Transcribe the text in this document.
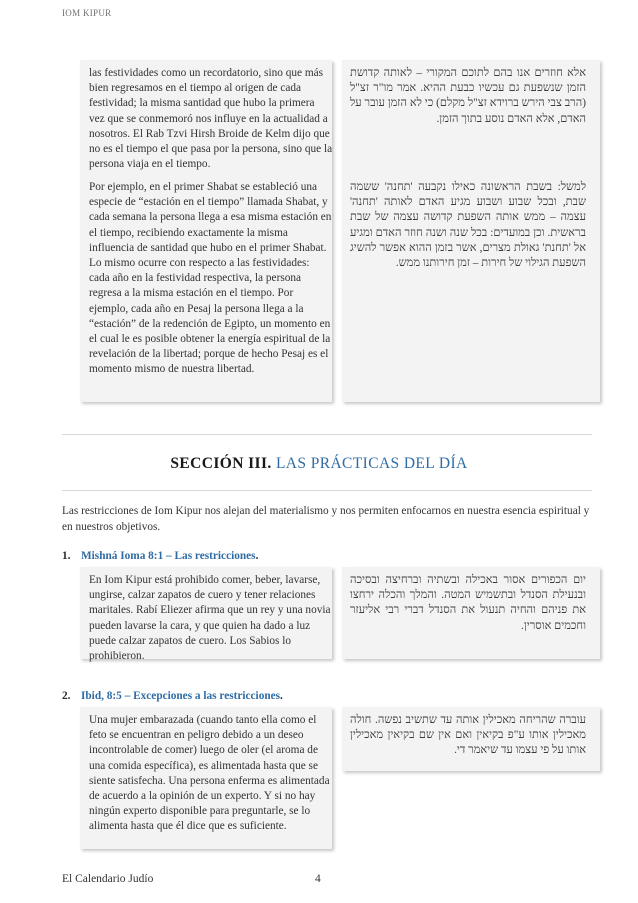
IOM KIPUR
las festividades como un recordatorio, sino que más bien regresamos en el tiempo al origen de cada festividad; la misma santidad que hubo la primera vez que se conmemoró nos influye en la actualidad a nosotros. El Rab Tzvi Hirsh Broide de Kelm dijo que no es el tiempo el que pasa por la persona, sino que la persona viaja en el tiempo.
Por ejemplo, en el primer Shabat se estableció una especie de “estación en el tiempo” llamada Shabat, y cada semana la persona llega a esa misma estación en el tiempo, recibiendo exactamente la misma influencia de santidad que hubo en el primer Shabat. Lo mismo ocurre con respecto a las festividades: cada año en la festividad respectiva, la persona regresa a la misma estación en el tiempo. Por ejemplo, cada año en Pesaj la persona llega a la “estación” de la redención de Egipto, un momento en el cual le es posible obtener la energía espiritual de la revelación de la libertad; porque de hecho Pesaj es el momento mismo de nuestra libertad.
אלא חוזרים אנו בהם לתוכם המקורי – לאותה קדושת הזמן שנשפעת גם עכשיו כבעת ההיא. אמר מו"ר זצ"ל (הרב צבי הירש ברוידא זצ"ל מקלם) כי לא הזמן עובר על האדם, אלא האדם נוסע בתוך הזמן.
למשל: בשבת הראשונה כאילו נקבעה 'תחנה' ששמה שבת, ובכל שבוע ושבוע מגיע האדם לאותה 'תחנה' עצמה – ממש אותה השפעת קדושה עצמה של שבת בראשית. וכן במועדים: בכל שנה ושנה חוזר האדם ומגיע אל 'תחנת' גאולת מצרים, אשר בזמן ההוא אפשר להשיג השפעת הגילוי של חירות – זמן חירותנו ממש.
SECCIÓN III. LAS PRÁCTICAS DEL DÍA
Las restricciones de Iom Kipur nos alejan del materialismo y nos permiten enfocarnos en nuestra esencia espiritual y en nuestros objetivos.
1. Mishná Ioma 8:1 – Las restricciones.
En Iom Kipur está prohibido comer, beber, lavarse, ungirse, calzar zapatos de cuero y tener relaciones maritales. Rabí Eliezer afirma que un rey y una novia pueden lavarse la cara, y que quien ha dado a luz puede calzar zapatos de cuero. Los Sabios lo prohibieron.
יום הכפורים אסור באכילה ובשתיה וברחיצה ובסיכה ובנעילת הסנדל ובתשמיש המטה. והמלך והכלה ירחצו את פניהם והחיה תנעול את הסנדל דברי רבי אליעזר וחכמים אוסרין.
2. Ibid, 8:5 – Excepciones a las restricciones.
Una mujer embarazada (cuando tanto ella como el feto se encuentran en peligro debido a un deseo incontrolable de comer) luego de oler (el aroma de una comida específica), es alimentada hasta que se siente satisfecha. Una persona enferma es alimentada de acuerdo a la opinión de un experto. Y si no hay ningún experto disponible para preguntarle, se lo alimenta hasta que él dice que es suficiente.
עוברה שהריחה מאכילין אותה עד שתשיב נפשה. חולה מאכילין אותו ע"פ בקיאין ואם אין שם בקיאין מאכילין אותו על פי עצמו עד שיאמר די.
El Calendario Judío	4
